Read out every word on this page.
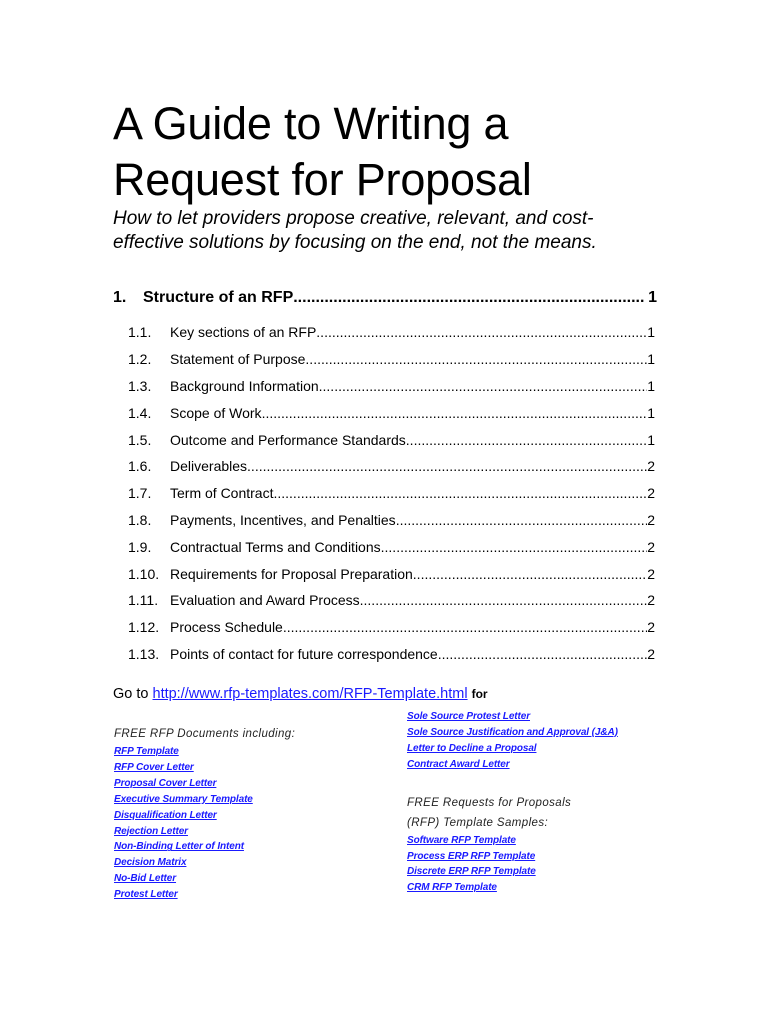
A Guide to Writing a
Request for Proposal
How to let providers propose creative, relevant, and cost-
effective solutions by focusing on the end, not the means.
1.	Structure of an RFP .....	1
1.1.	Key sections of an RFP .....	1
1.2.	Statement of Purpose .....	1
1.3.	Background Information .....	1
1.4.	Scope of Work .....	1
1.5.	Outcome and Performance Standards .....	1
1.6.	Deliverables .....	2
1.7.	Term of Contract .....	2
1.8.	Payments, Incentives, and Penalties .....	2
1.9.	Contractual Terms and Conditions .....	2
1.10. Requirements for Proposal Preparation .....	2
1.11. Evaluation and Award Process .....	2
1.12. Process Schedule .....	2
1.13. Points of contact for future correspondence .....	2
Go to http://www.rfp-templates.com/RFP-Template.html for
FREE RFP Documents including:
RFP Template
RFP Cover Letter
Proposal Cover Letter
Executive Summary Template
Disqualification Letter
Rejection Letter
Non-Binding Letter of Intent
Decision Matrix
No-Bid Letter
Protest Letter
Sole Source Protest Letter
Sole Source Justification and Approval (J&A)
Letter to Decline a Proposal
Contract Award Letter
FREE Requests for Proposals
(RFP) Template Samples:
Software RFP Template
Process ERP RFP Template
Discrete ERP RFP Template
CRM RFP Template
